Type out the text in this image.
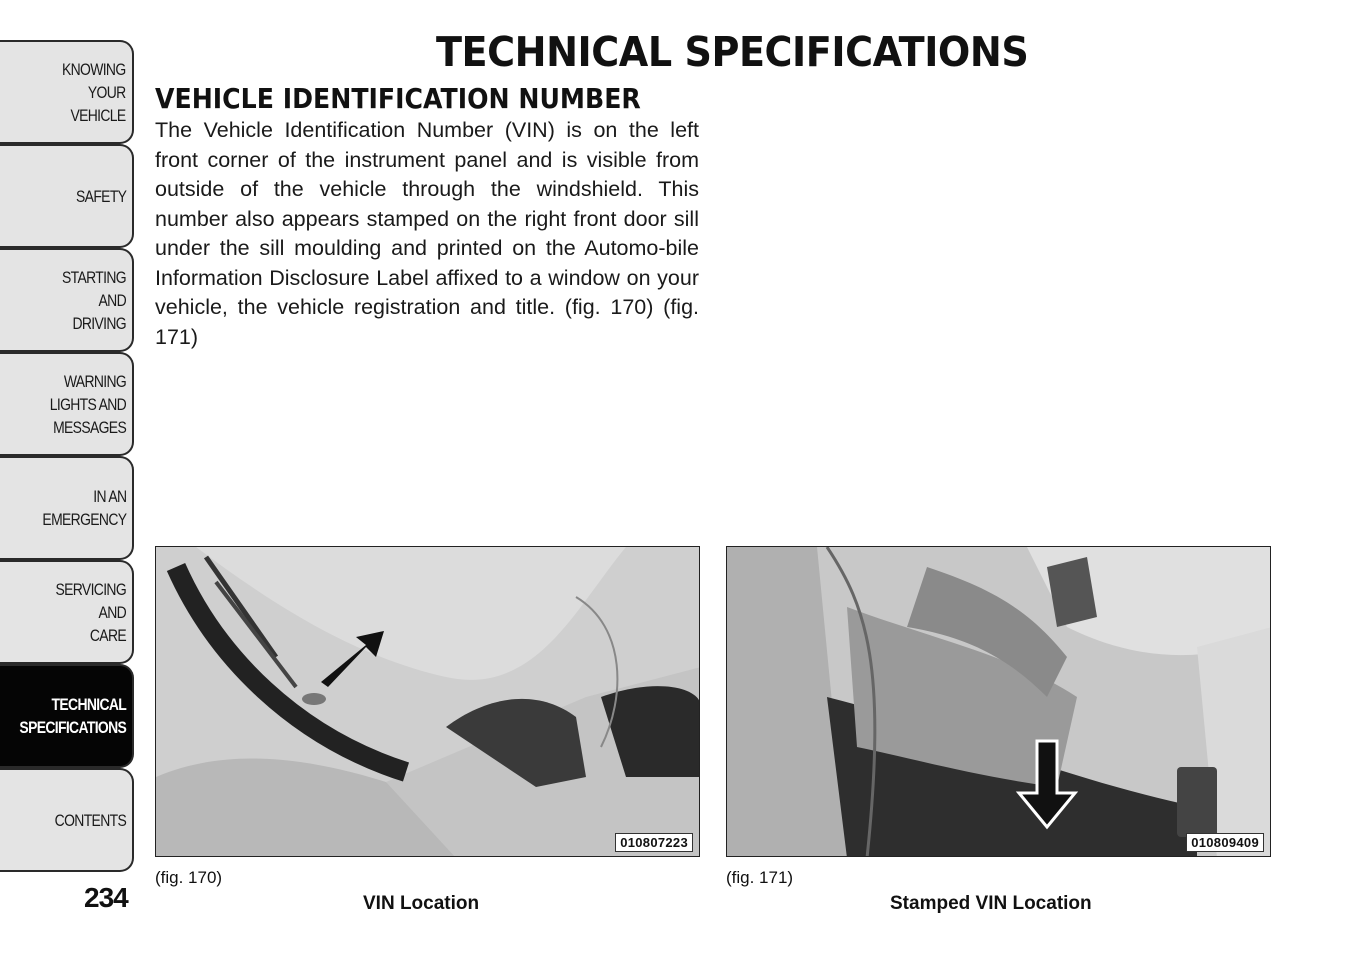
KNOWING
YOUR
VEHICLE
SAFETY
STARTING
AND
DRIVING
WARNING
LIGHTS AND
MESSAGES
IN AN
EMERGENCY
SERVICING
AND
CARE
TECHNICAL
SPECIFICATIONS
CONTENTS
234
TECHNICAL SPECIFICATIONS
VEHICLE IDENTIFICATION NUMBER

The Vehicle Identification Number (VIN) is on the left front corner of the instrument panel and is visible from outside of the vehicle through the windshield. This number also appears stamped on the right front door sill under the sill moulding and printed on the Automo-bile Information Disclosure Label affixed to a window on your vehicle, the vehicle registration and title. (fig. 170) (fig. 171)

010807223	010809409
(fig. 170)
VIN Location
(fig. 171)
Stamped VIN Location
